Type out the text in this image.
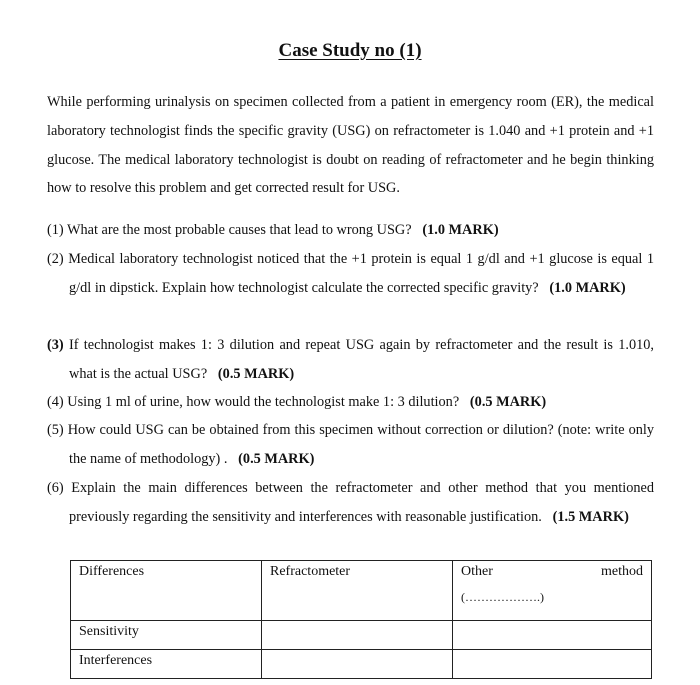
Case Study no (1)
While performing urinalysis on specimen collected from a patient in emergency room (ER), the medical laboratory technologist finds the specific gravity (USG) on refractometer is 1.040 and +1 protein and +1 glucose. The medical laboratory technologist is doubt on reading of refractometer and he begin thinking how to resolve this problem and get corrected result for USG.
(1) What are the most probable causes that lead to wrong USG? (1.0 MARK)
(2) Medical laboratory technologist noticed that the +1 protein is equal 1 g/dl and +1 glucose is equal 1 g/dl in dipstick. Explain how technologist calculate the corrected specific gravity? (1.0 MARK)
(3) If technologist makes 1: 3 dilution and repeat USG again by refractometer and the result is 1.010, what is the actual USG? (0.5 MARK)
(4) Using 1 ml of urine, how would the technologist make 1: 3 dilution? (0.5 MARK)
(5) How could USG can be obtained from this specimen without correction or dilution? (note: write only the name of methodology) . (0.5 MARK)
(6) Explain the main differences between the refractometer and other method that you mentioned previously regarding the sensitivity and interferences with reasonable justification. (1.5 MARK)
Differences	Refractometer	Other method
(……………….)

Sensitivity		
Interferences		
